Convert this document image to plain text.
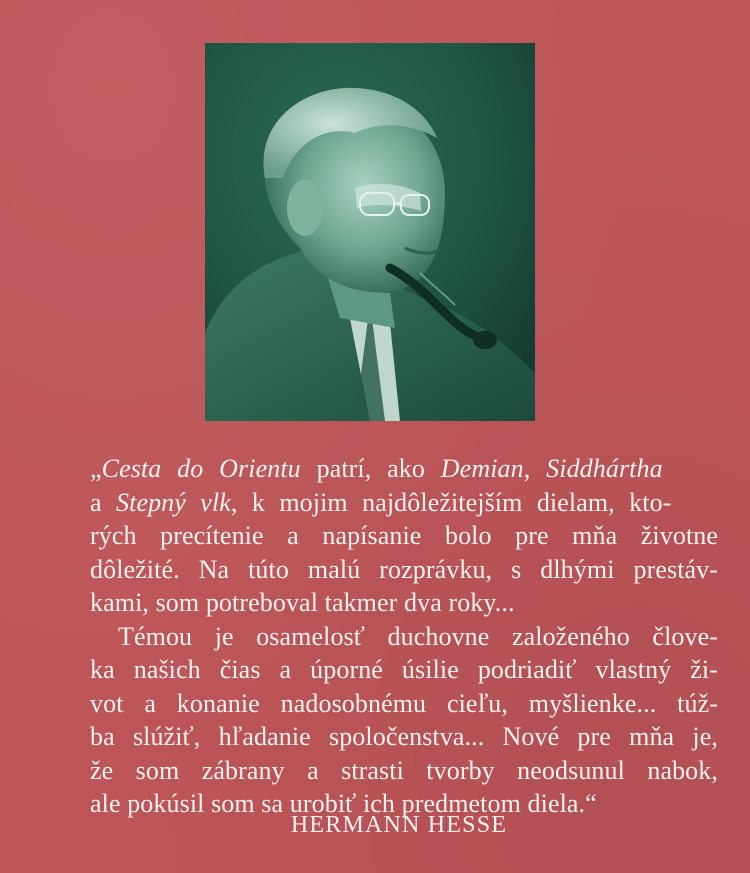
„Cesta do Orientu patrí, ako Demian, Siddhártha
a Stepný vlk, k mojim najdôležitejším dielam, kto-
rých precítenie a napísanie bolo pre mňa životne
dôležité. Na túto malú rozprávku, s dlhými prestáv-
kami, som potreboval takmer dva roky...
Témou je osamelosť duchovne založeného člove-
ka našich čias a úporné úsilie podriadiť vlastný ži-
vot a konanie nadosobnému cieľu, myšlienke... túž-
ba slúžiť, hľadanie spoločenstva... Nové pre mňa je,
že som zábrany a strasti tvorby neodsunul nabok,
ale pokúsil som sa urobiť ich predmetom diela.“
HERMANN HESSE
